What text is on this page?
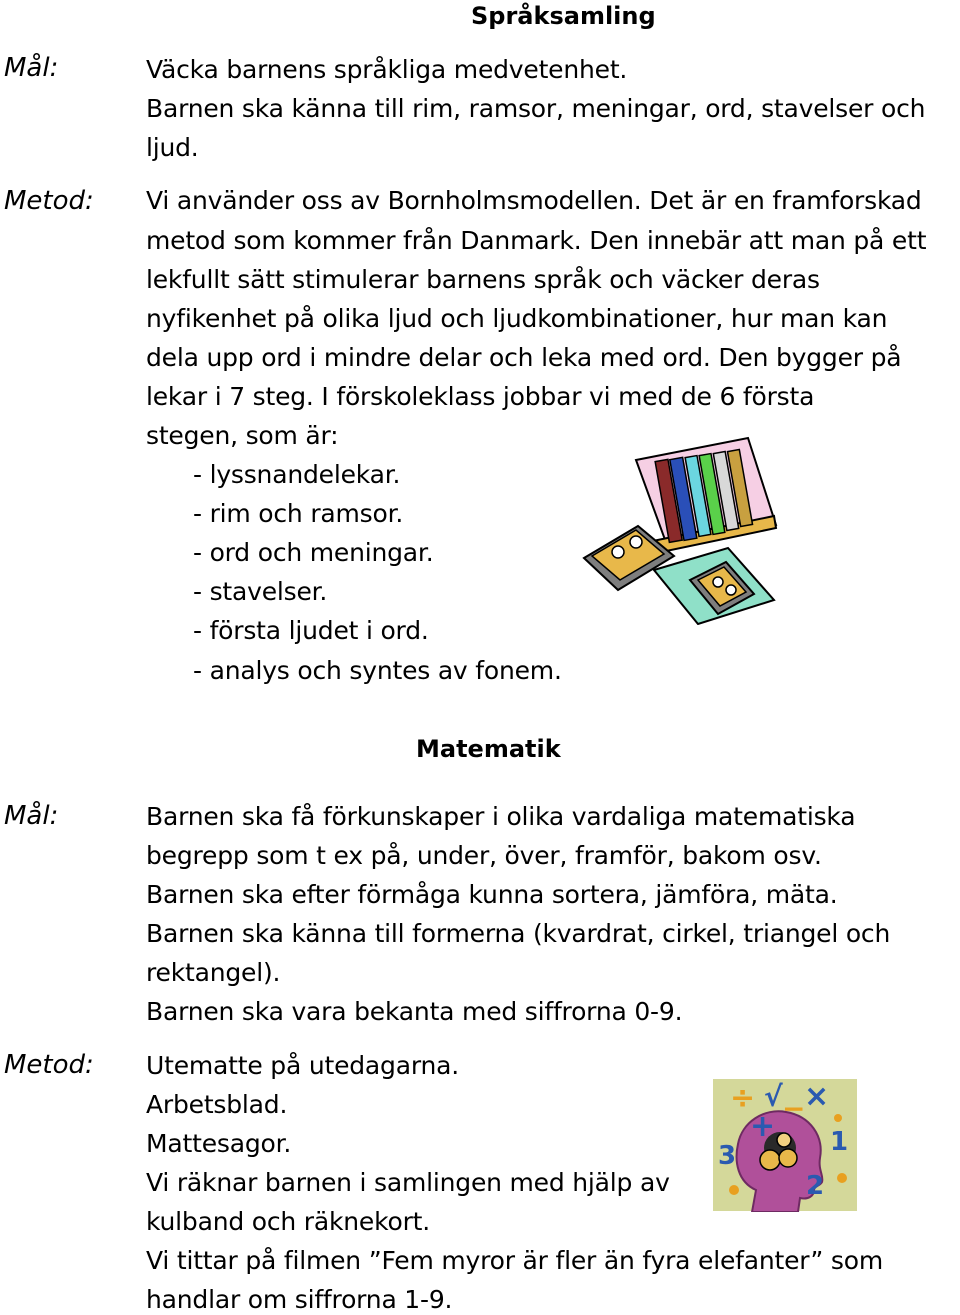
Språksamling
Mål:	Väcka barnens språkliga medvetenhet.
Barnen ska känna till rim, ramsor, meningar, ord, stavelser och
ljud.
Metod: Vi använder oss av Bornholmsmodellen. Det är en framforskad
metod som kommer från Danmark. Den innebär att man på ett
lekfullt sätt stimulerar barnens språk och väcker deras
nyfikenhet på olika ljud och ljudkombinationer, hur man kan
dela upp ord i mindre delar och leka med ord. Den bygger på
lekar i 7 steg. I förskoleklass jobbar vi med de 6 första
stegen, som är:
- lyssnandelekar.
- rim och ramsor.
- ord och meningar.
- stavelser.
- första ljudet i ord.
- analys och syntes av fonem.
Matematik
Mål:	Barnen ska få förkunskaper i olika vardaliga matematiska
begrepp som t ex på, under, över, framför, bakom osv.
Barnen ska efter förmåga kunna sortera, jämföra, mäta.
Barnen ska känna till formerna (kvardrat, cirkel, triangel och
rektangel).
Barnen ska vara bekanta med siffrorna 0-9.
Metod: Utematte på utedagarna.
Arbetsblad.
Mattesagor.
Vi räknar barnen i samlingen med hjälp av
kulband och räknekort.
Vi tittar på filmen ”Fem myror är fler än fyra elefanter” som
handlar om siffrorna 1-9.
÷ √ ×
+
−
1
2
3
